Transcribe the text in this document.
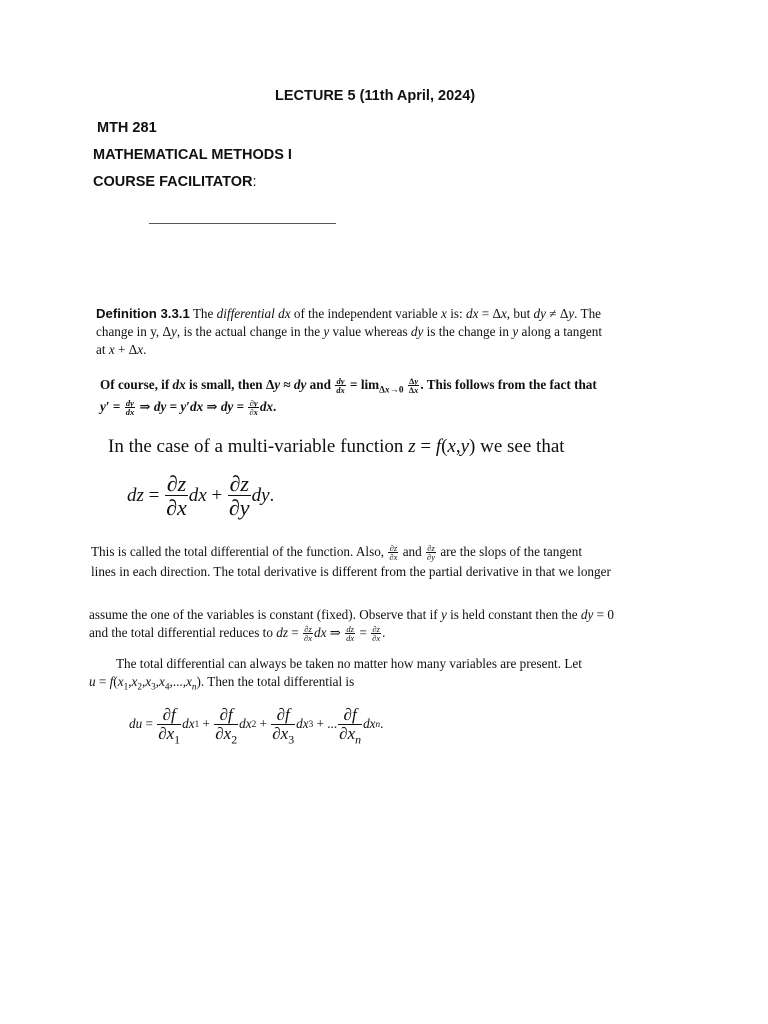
LECTURE 5 (11th April, 2024)
MTH 281
MATHEMATICAL METHODS I
COURSE FACILITATOR:
Definition 3.3.1 The differential dx of the independent variable x is: dx = Δx, but dy ≠ Δy. The
change in y, Δy, is the actual change in the y value whereas dy is the change in y along a tangent
at x + Δx.
Of course, if dx is small, then Δy ≈ dy and $\frac{dy}{dx} = \lim_{\Delta x\to 0} \frac{\Delta y}{\Delta x}$ . This follows from the fact that
$y' = \frac{dy}{dx}$ ⇒ dy = y′dx ⇒ dy = $\frac{\partial y}{\partial x}$ dx.
In the case of a multi-variable function z = f(x,y) we see that
dz = $\frac{\partial z}{\partial x}$ dx + $\frac{\partial z}{\partial y}$ dy .
This is called the total differential of the function. Also, $\frac{\partial z}{\partial x}$ and $\frac{\partial z}{\partial y}$ are the slops of the tangent
lines in each direction. The total derivative is different from the partial derivative in that we longer
assume the one of the variables is constant (fixed). Observe that if y is held constant then the dy = 0
and the total differential reduces to dz = $\frac{\partial z}{\partial x}$ dx ⇒ $\frac{dz}{dx} = \frac{\partial z}{\partial x}$ .
The total differential can always be taken no matter how many variables are present. Let
$u = f(x_1,x_2,x_3,x_4,...,x_n)$. Then the total differential is
du = $\frac{\partial f}{\partial x_1}$ dx $1 + \frac{\partial f}{\partial x_2}$ dx $2 + \frac{\partial f}{\partial x_3}$ dx 3 + ... $\frac{\partial f}{\partial x_n}$ dx n .
